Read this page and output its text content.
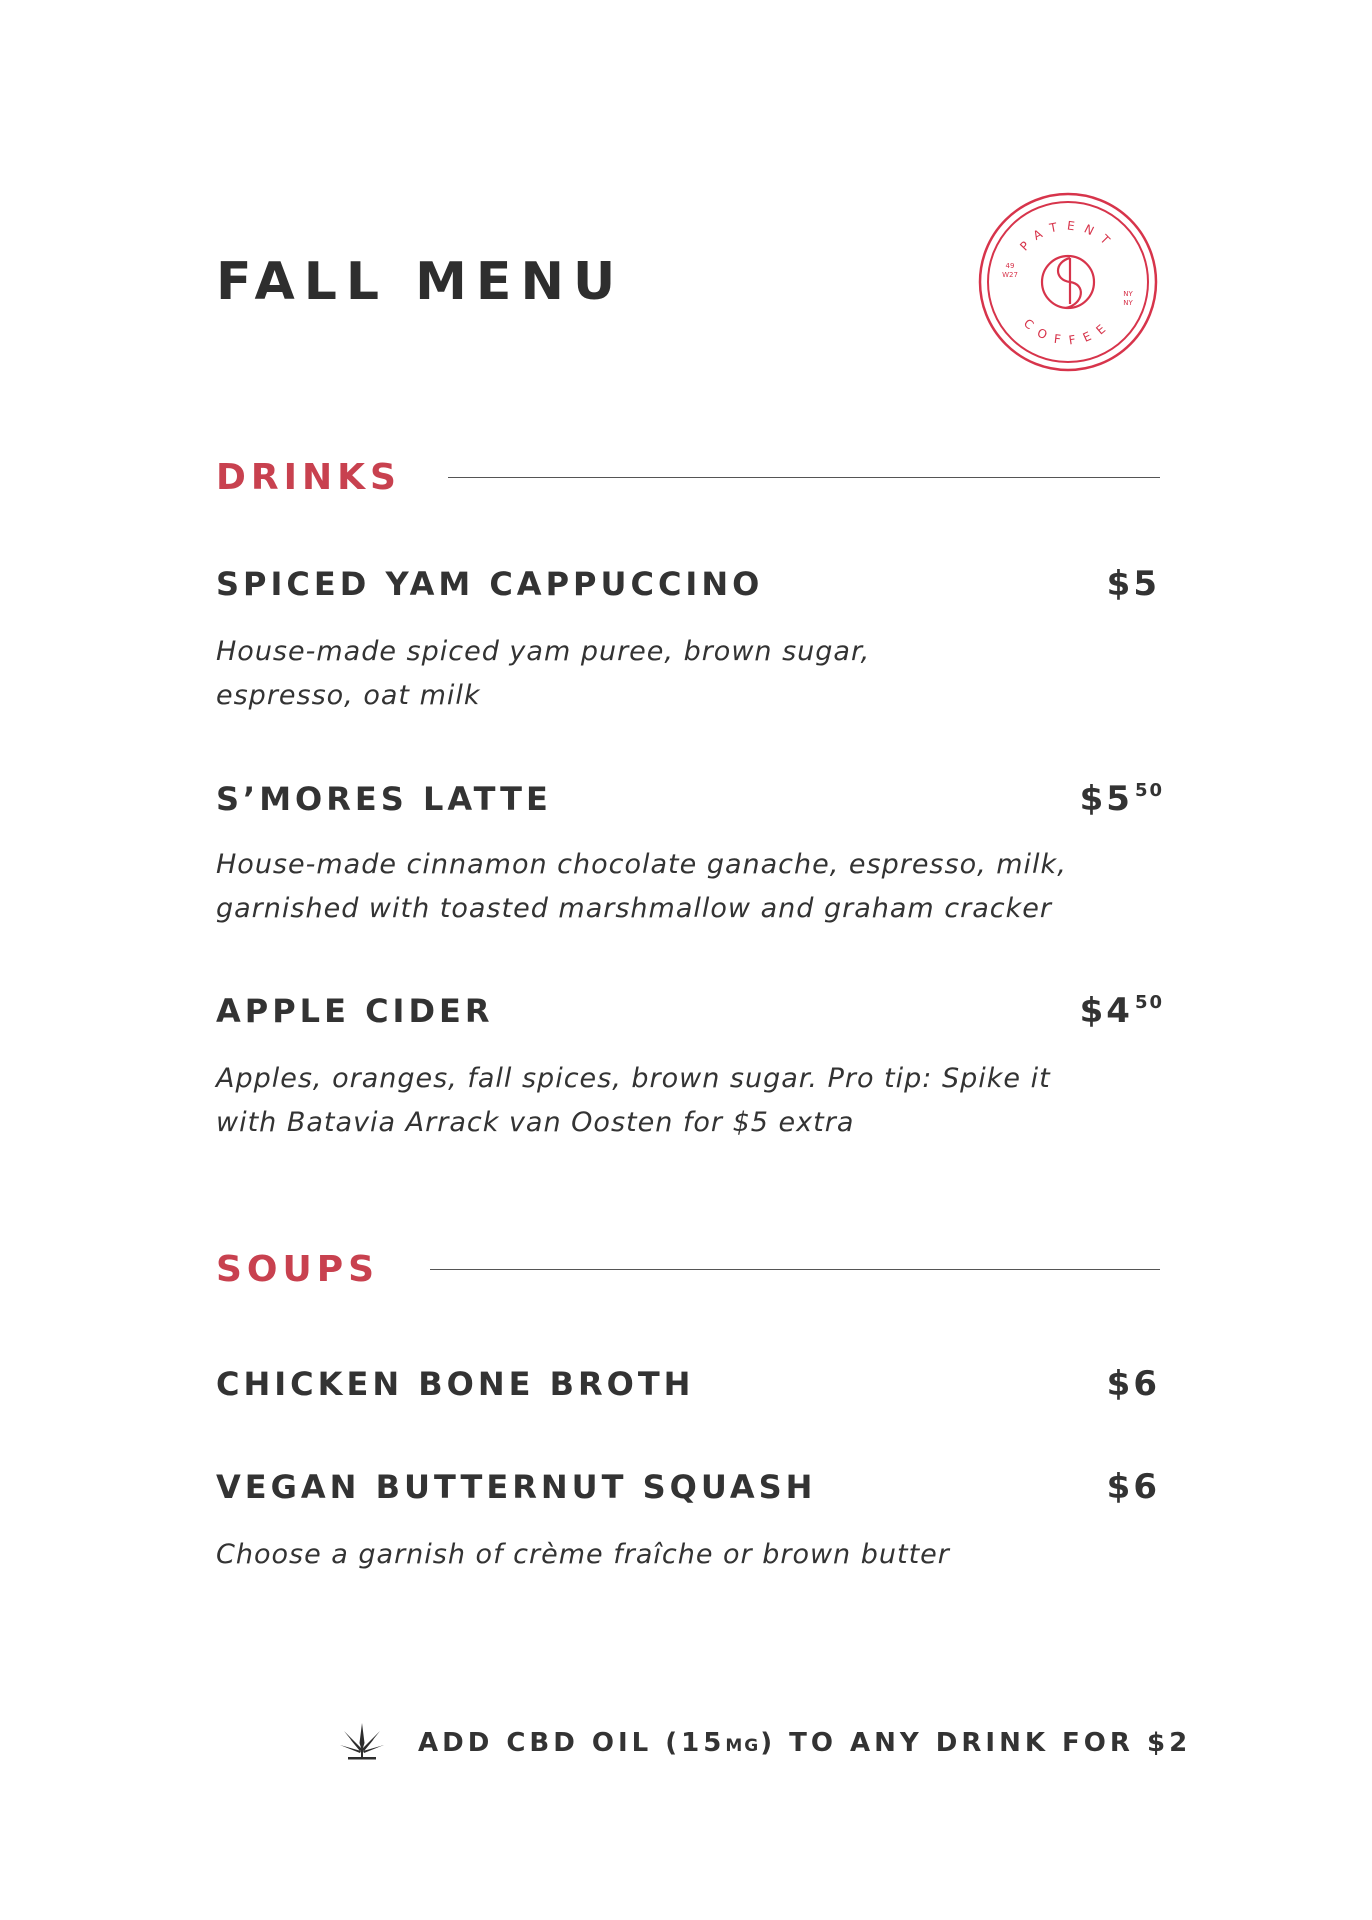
FALL MENU
PATENT
COFFEE
49
W27
NY
NY
DRINKS
SPICED YAM CAPPUCCINO	$5
House-made spiced yam puree, brown sugar,
espresso, oat milk
S’MORES LATTE	$5 $^{50}$
House-made cinnamon chocolate ganache, espresso, milk,
garnished with toasted marshmallow and graham cracker
APPLE CIDER	$4 $^{50}$
Apples, oranges, fall spices, brown sugar. Pro tip: Spike it
with Batavia Arrack van Oosten for $5 extra
SOUPS
CHICKEN BONE BROTH	$6
VEGAN BUTTERNUT SQUASH	$6
Choose a garnish of crème fraîche or brown butter
ADD CBD OIL (15MG) TO ANY DRINK FOR $2
